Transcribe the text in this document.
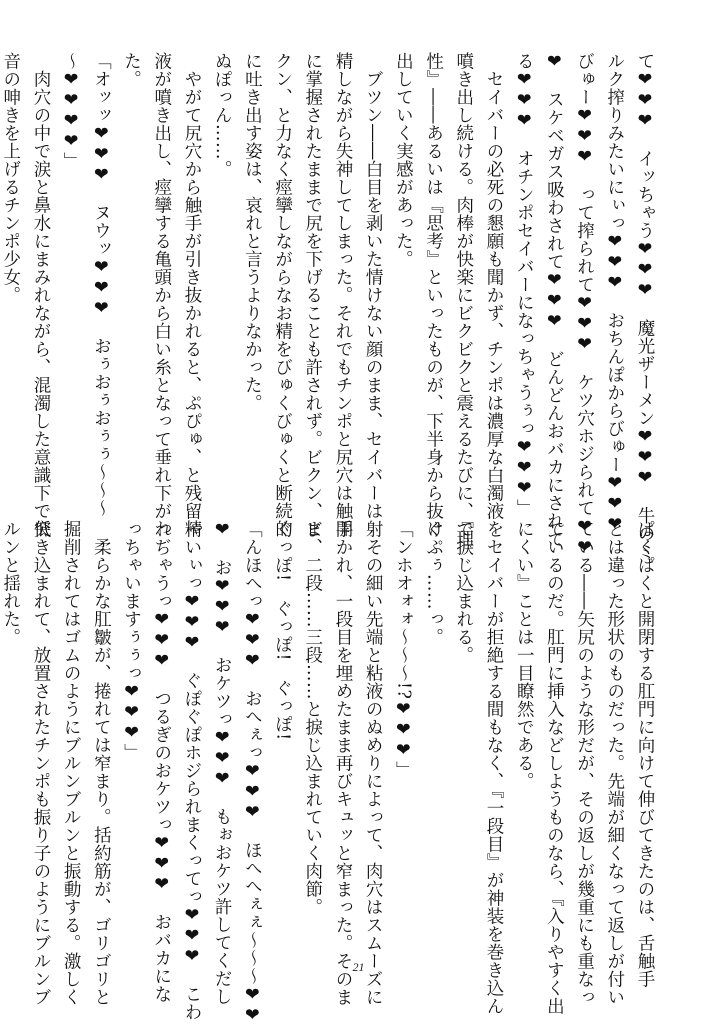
て❤❤❤　イッちゃう❤❤❤　魔光ザーメン❤❤❤　牛のミ
ルク搾りみたいにぃっ❤❤❤　おちんぽからびゅー❤❤❤
びゅー❤❤❤　って搾られて❤❤❤　ケツ穴ホジられて❤❤
❤　スケベガス吸わされて❤❤❤　どんどんおバカにされて
る❤❤❤　オチンポセイバーになっちゃうぅっ❤❤❤」
　セイバーの必死の懇願も聞かず、チンポは濃厚な白濁液を
噴き出し続ける。肉棒が快楽にビクビクと震えるたびに、『理
性』――あるいは『思考』といったものが、下半身から抜け
出していく実感があった。
　ブツン――白目を剥いた情けない顔のまま、セイバーは射
精しながら失神してしまった。それでもチンポと尻穴は触手
に掌握されたままで尻を下げることも許されず。ビクン、ビ
クン、と力なく痙攣しながらなお精をびゅくびゅくと断続的
に吐き出す姿は、哀れと言うよりなかった。
ぬぽっん……。
　やがて尻穴から触手が引き抜かれると、ぷぴゅ、と残留精
液が噴き出し、痙攣する亀頭から白い糸となって垂れ下がっ
た。
「オッッ❤❤❤　ヌウッ❤❤❤　おぅおぅおぅぅ～～～
～❤❤❤❤」
　肉穴の中で涙と鼻水にまみれながら、混濁した意識下で低
音の呻きを上げるチンポ少女。
ぱくぱくと開閉する肛門に向けて伸びてきたのは、舌触手
とは違った形状のものだった。先端が細くなって返しが付い
ている――矢尻のような形だが、その返しが幾重にも重なっ
ているのだ。肛門に挿入などしようものなら、『入りやすく出
にくい』ことは一目瞭然である。
　セイバーが拒絶する間もなく、『一段目』が神装を巻き込ん
で捩じ込まれる。
ぐぷぅ……っ。
「ンホオォォ～～～!?❤❤❤」
　その細い先端と粘液のぬめりによって、肉穴はスムーズに
開かれ、一段目を埋めたまま再びキュッと窄まった。そのま
ま、二段……三段……と捩じ込まれていく肉節。
ぐっぽ!　ぐっぽ!　ぐっぽ!
「んほへっ❤❤❤　おへぇっ❤❤❤　ほへへぇぇ～～～❤❤
❤　お❤❤❤　おケツっ❤❤❤　もぉおケツ許してくだし
ゃいぃっ❤❤❤　ぐぽぐぽホジられまくってっ❤❤❤　こわ
れぢゃうっ❤❤❤　つるぎのおケツっ❤❤❤　おバカにな
っちゃいますぅぅっ❤❤❤」
　柔らかな肛皺が、捲れては窄まり。括約筋が、ゴリゴリと
掘削されてはゴムのようにブルンブルンと振動する。激しく
突き込まれて、放置されたチンポも振り子のようにブルンブ
ルンと揺れた。
21
